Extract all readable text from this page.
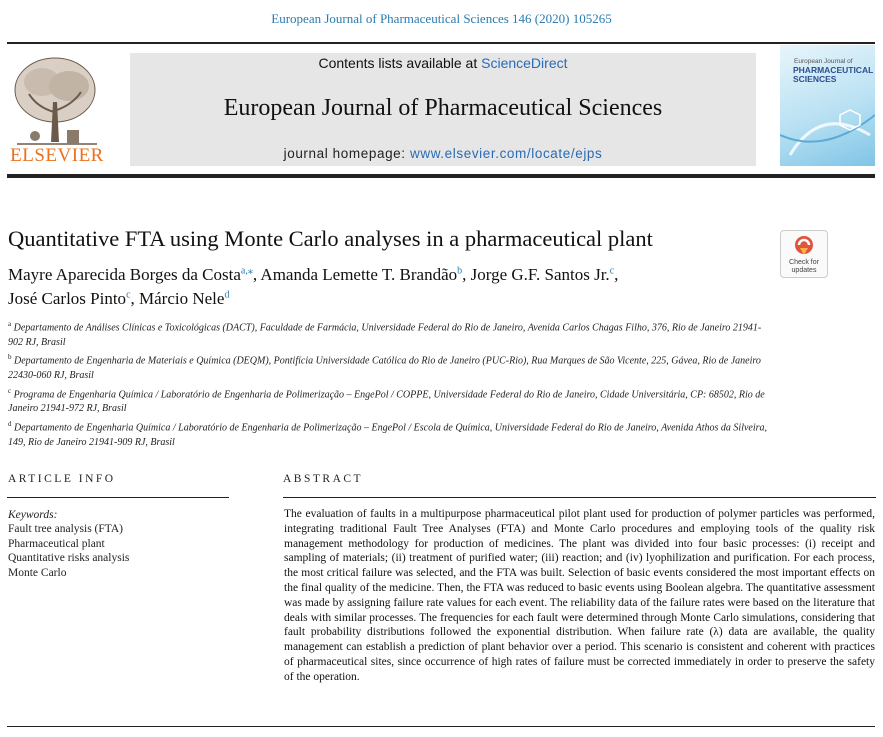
European Journal of Pharmaceutical Sciences 146 (2020) 105265
ELSEVIER
Contents lists available at ScienceDirect
European Journal of Pharmaceutical Sciences
journal homepage: www.elsevier.com/locate/ejps
European Journal of
PHARMACEUTICAL SCIENCES
Quantitative FTA using Monte Carlo analyses in a pharmaceutical plant
Check for updates
Mayre Aparecida Borges da Costa$^{a,⁎}$, Amanda Lemette T. Brandão$^b$, Jorge G.F. Santos Jr.$^c$,
José Carlos Pinto$^c$, Márcio Nele$^d$
$^a$ Departamento de Análises Clínicas e Toxicológicas (DACT), Faculdade de Farmácia, Universidade Federal do Rio de Janeiro, Avenida Carlos Chagas Filho, 376, Rio de Janeiro 21941-902 RJ, Brasil
$^b$ Departamento de Engenharia de Materiais e Química (DEQM), Pontifícia Universidade Católica do Rio de Janeiro (PUC-Rio), Rua Marques de São Vicente, 225, Gávea, Rio de Janeiro 22430-060 RJ, Brasil
$^c$ Programa de Engenharia Química / Laboratório de Engenharia de Polimerização – EngePol / COPPE, Universidade Federal do Rio de Janeiro, Cidade Universitária, CP: 68502, Rio de Janeiro 21941-972 RJ, Brasil
$^d$ Departamento de Engenharia Química / Laboratório de Engenharia de Polimerização – EngePol / Escola de Química, Universidade Federal do Rio de Janeiro, Avenida Athos da Silveira, 149, Rio de Janeiro 21941-909 RJ, Brasil
ARTICLE INFO	ABSTRACT
Keywords:
Fault tree analysis (FTA)
Pharmaceutical plant
Quantitative risks analysis
Monte Carlo
The evaluation of faults in a multipurpose pharmaceutical pilot plant used for production of polymer particles was performed, integrating traditional Fault Tree Analyses (FTA) and Monte Carlo procedures and employing tools of the quality risk management methodology for production of medicines. The plant was divided into four basic processes: (i) receipt and sampling of materials; (ii) treatment of purified water; (iii) reaction; and (iv) lyophilization and purification. For each process, the most critical failure was selected, and the FTA was built. Selection of basic events considered the most important effects on the final quality of the medicine. Then, the FTA was reduced to basic events using Boolean algebra. The quantitative assessment was made by assigning failure rate values for each event. The reliability data of the failure rates were based on the literature that deals with similar processes. The frequencies for each fault were determined through Monte Carlo simulations, considering that fault probability distributions followed the exponential distribution. When failure rate (λ) data are available, the quality management can establish a prediction of plant behavior over a period. This scenario is consistent and coherent with practices of pharmaceutical sites, since occurrence of high rates of failure must be corrected immediately in order to preserve the safety of the operation.
